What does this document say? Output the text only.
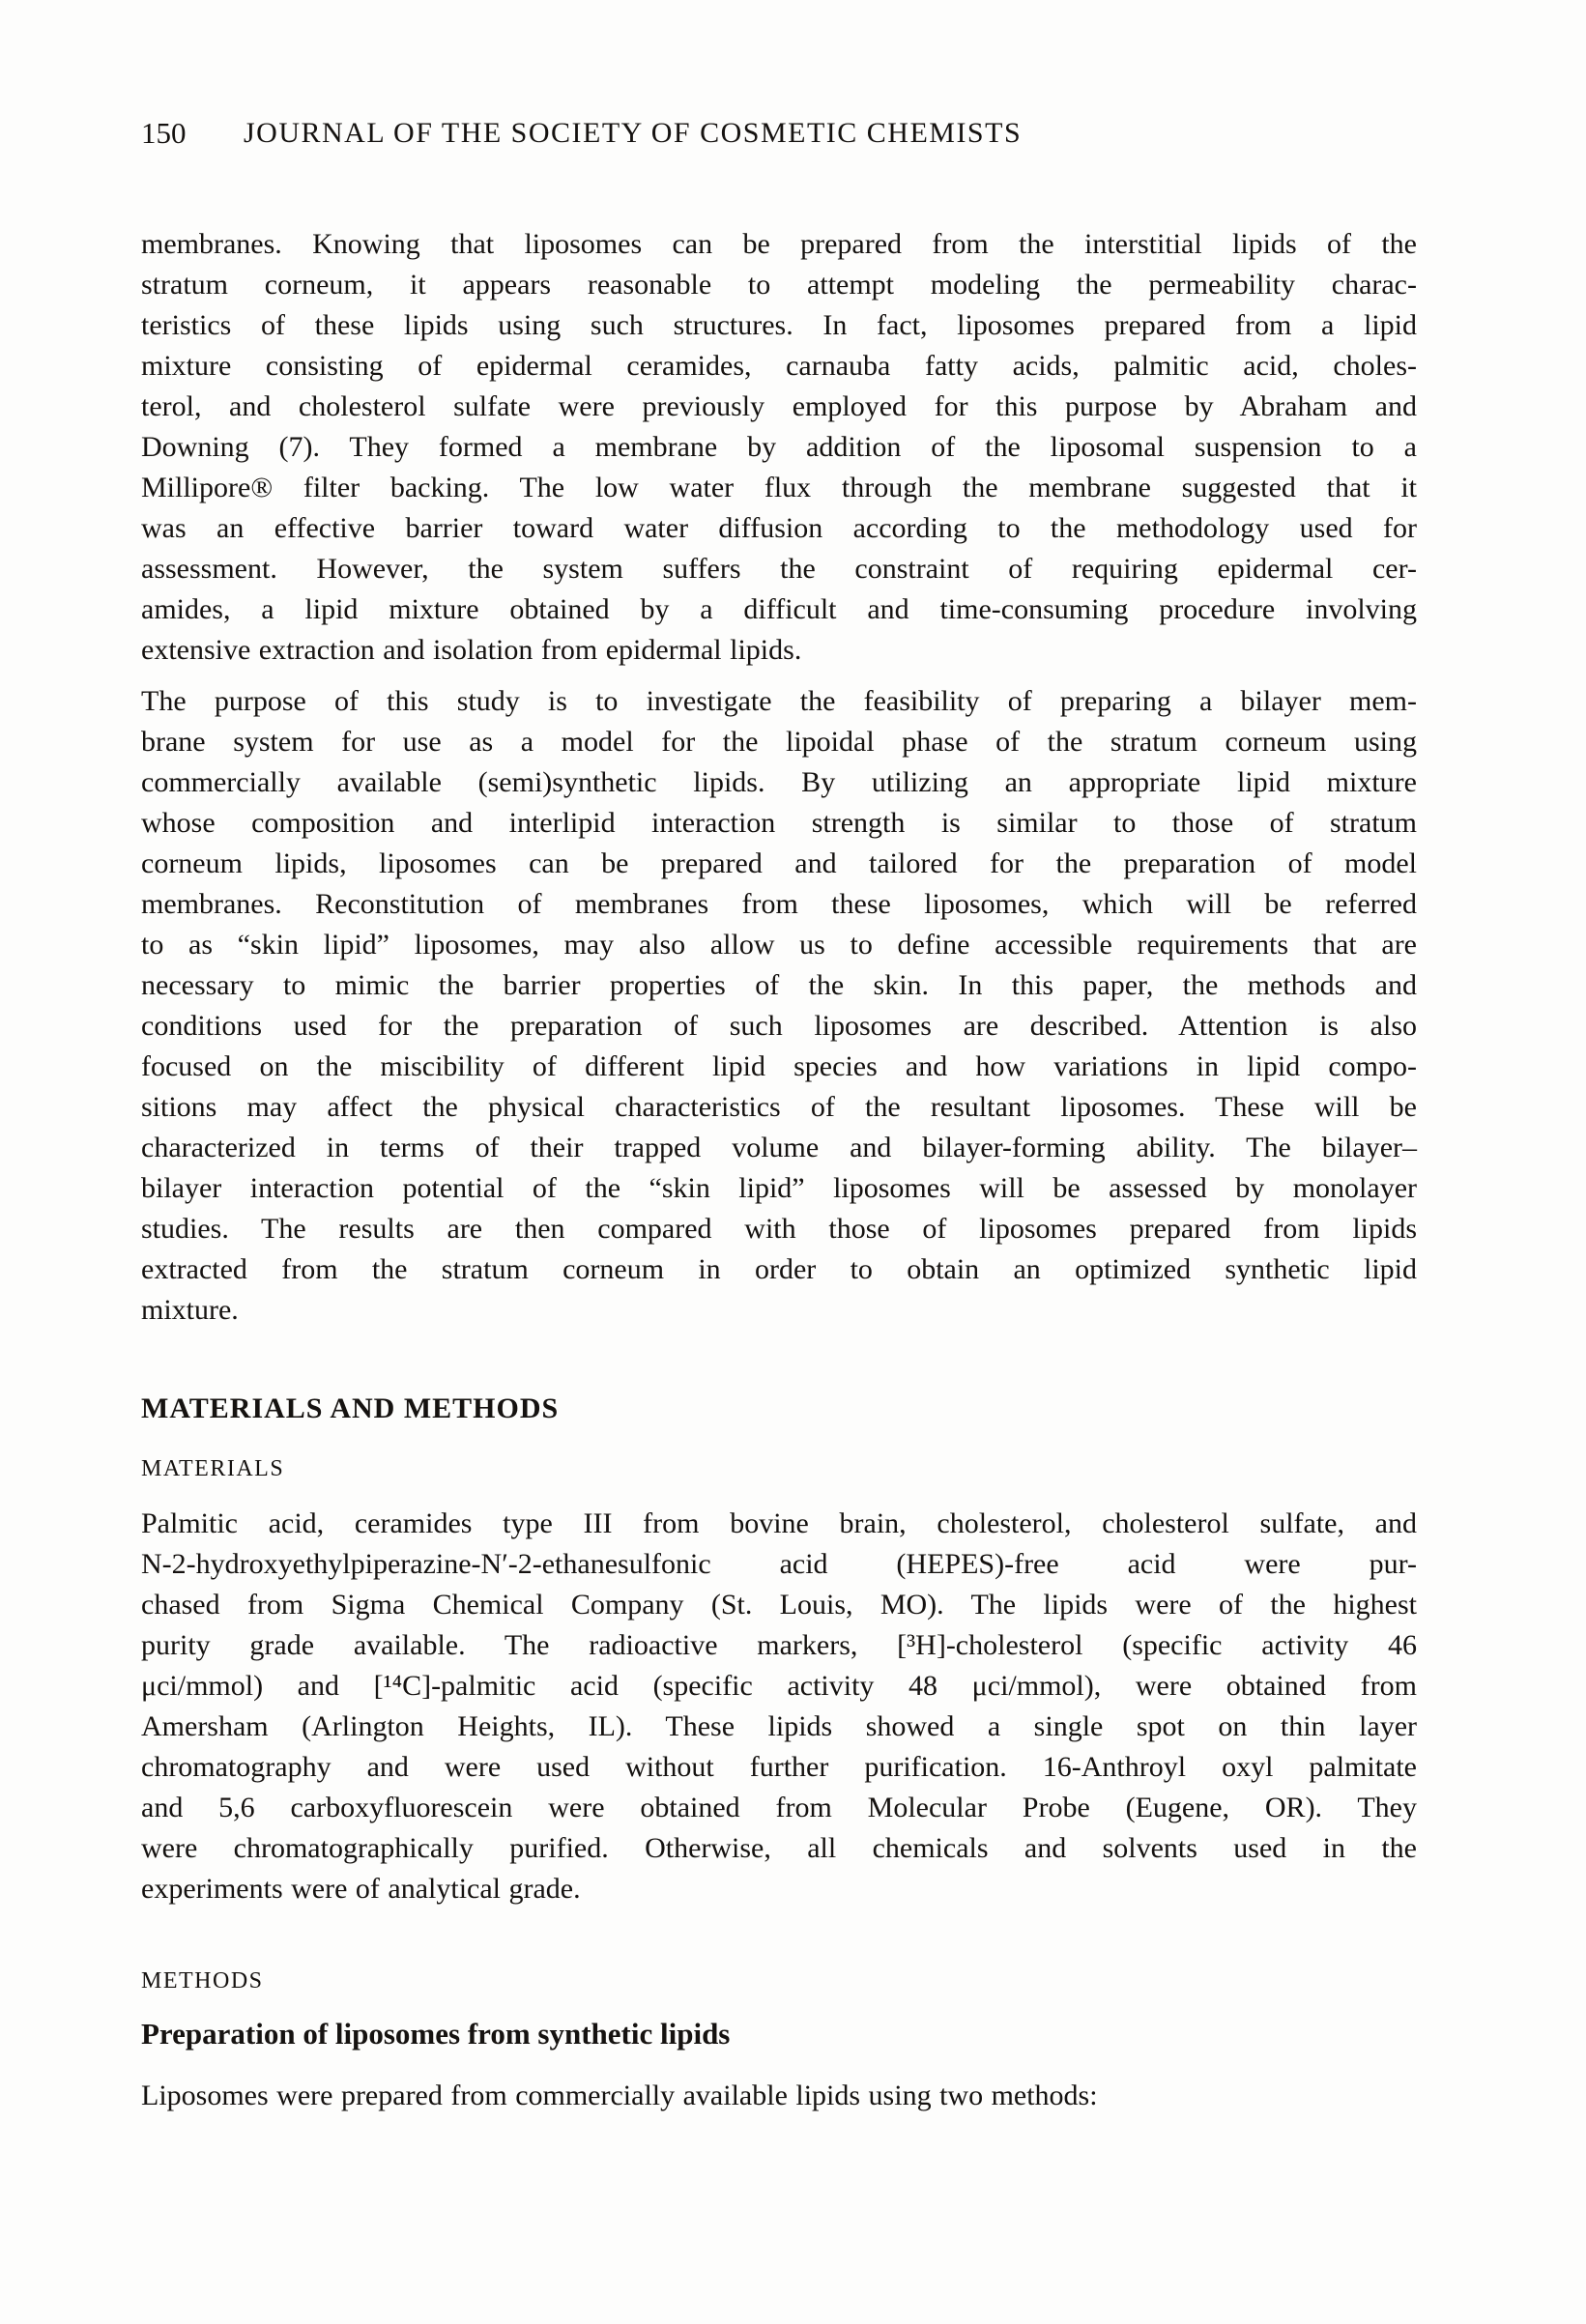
150 JOURNAL OF THE SOCIETY OF COSMETIC CHEMISTS
membranes. Knowing that liposomes can be prepared from the interstitial lipids of the
stratum corneum, it appears reasonable to attempt modeling the permeability charac-
teristics of these lipids using such structures. In fact, liposomes prepared from a lipid
mixture consisting of epidermal ceramides, carnauba fatty acids, palmitic acid, choles-
terol, and cholesterol sulfate were previously employed for this purpose by Abraham and
Downing (7). They formed a membrane by addition of the liposomal suspension to a
Millipore® filter backing. The low water flux through the membrane suggested that it
was an effective barrier toward water diffusion according to the methodology used for
assessment. However, the system suffers the constraint of requiring epidermal cer-
amides, a lipid mixture obtained by a difficult and time-consuming procedure involving
extensive extraction and isolation from epidermal lipids.
The purpose of this study is to investigate the feasibility of preparing a bilayer mem-
brane system for use as a model for the lipoidal phase of the stratum corneum using
commercially available (semi)synthetic lipids. By utilizing an appropriate lipid mixture
whose composition and interlipid interaction strength is similar to those of stratum
corneum lipids, liposomes can be prepared and tailored for the preparation of model
membranes. Reconstitution of membranes from these liposomes, which will be referred
to as “skin lipid” liposomes, may also allow us to define accessible requirements that are
necessary to mimic the barrier properties of the skin. In this paper, the methods and
conditions used for the preparation of such liposomes are described. Attention is also
focused on the miscibility of different lipid species and how variations in lipid compo-
sitions may affect the physical characteristics of the resultant liposomes. These will be
characterized in terms of their trapped volume and bilayer-forming ability. The bilayer–
bilayer interaction potential of the “skin lipid” liposomes will be assessed by monolayer
studies. The results are then compared with those of liposomes prepared from lipids
extracted from the stratum corneum in order to obtain an optimized synthetic lipid
mixture.
MATERIALS AND METHODS
MATERIALS
Palmitic acid, ceramides type III from bovine brain, cholesterol, cholesterol sulfate, and
N-2-hydroxyethylpiperazine-N′-2-ethanesulfonic acid (HEPES)-free acid were pur-
chased from Sigma Chemical Company (St. Louis, MO). The lipids were of the highest
purity grade available. The radioactive markers, [³H]-cholesterol (specific activity 46
μci/mmol) and [¹⁴C]-palmitic acid (specific activity 48 μci/mmol), were obtained from
Amersham (Arlington Heights, IL). These lipids showed a single spot on thin layer
chromatography and were used without further purification. 16-Anthroyl oxyl palmitate
and 5,6 carboxyfluorescein were obtained from Molecular Probe (Eugene, OR). They
were chromatographically purified. Otherwise, all chemicals and solvents used in the
experiments were of analytical grade.
METHODS
Preparation of liposomes from synthetic lipids
Liposomes were prepared from commercially available lipids using two methods:
